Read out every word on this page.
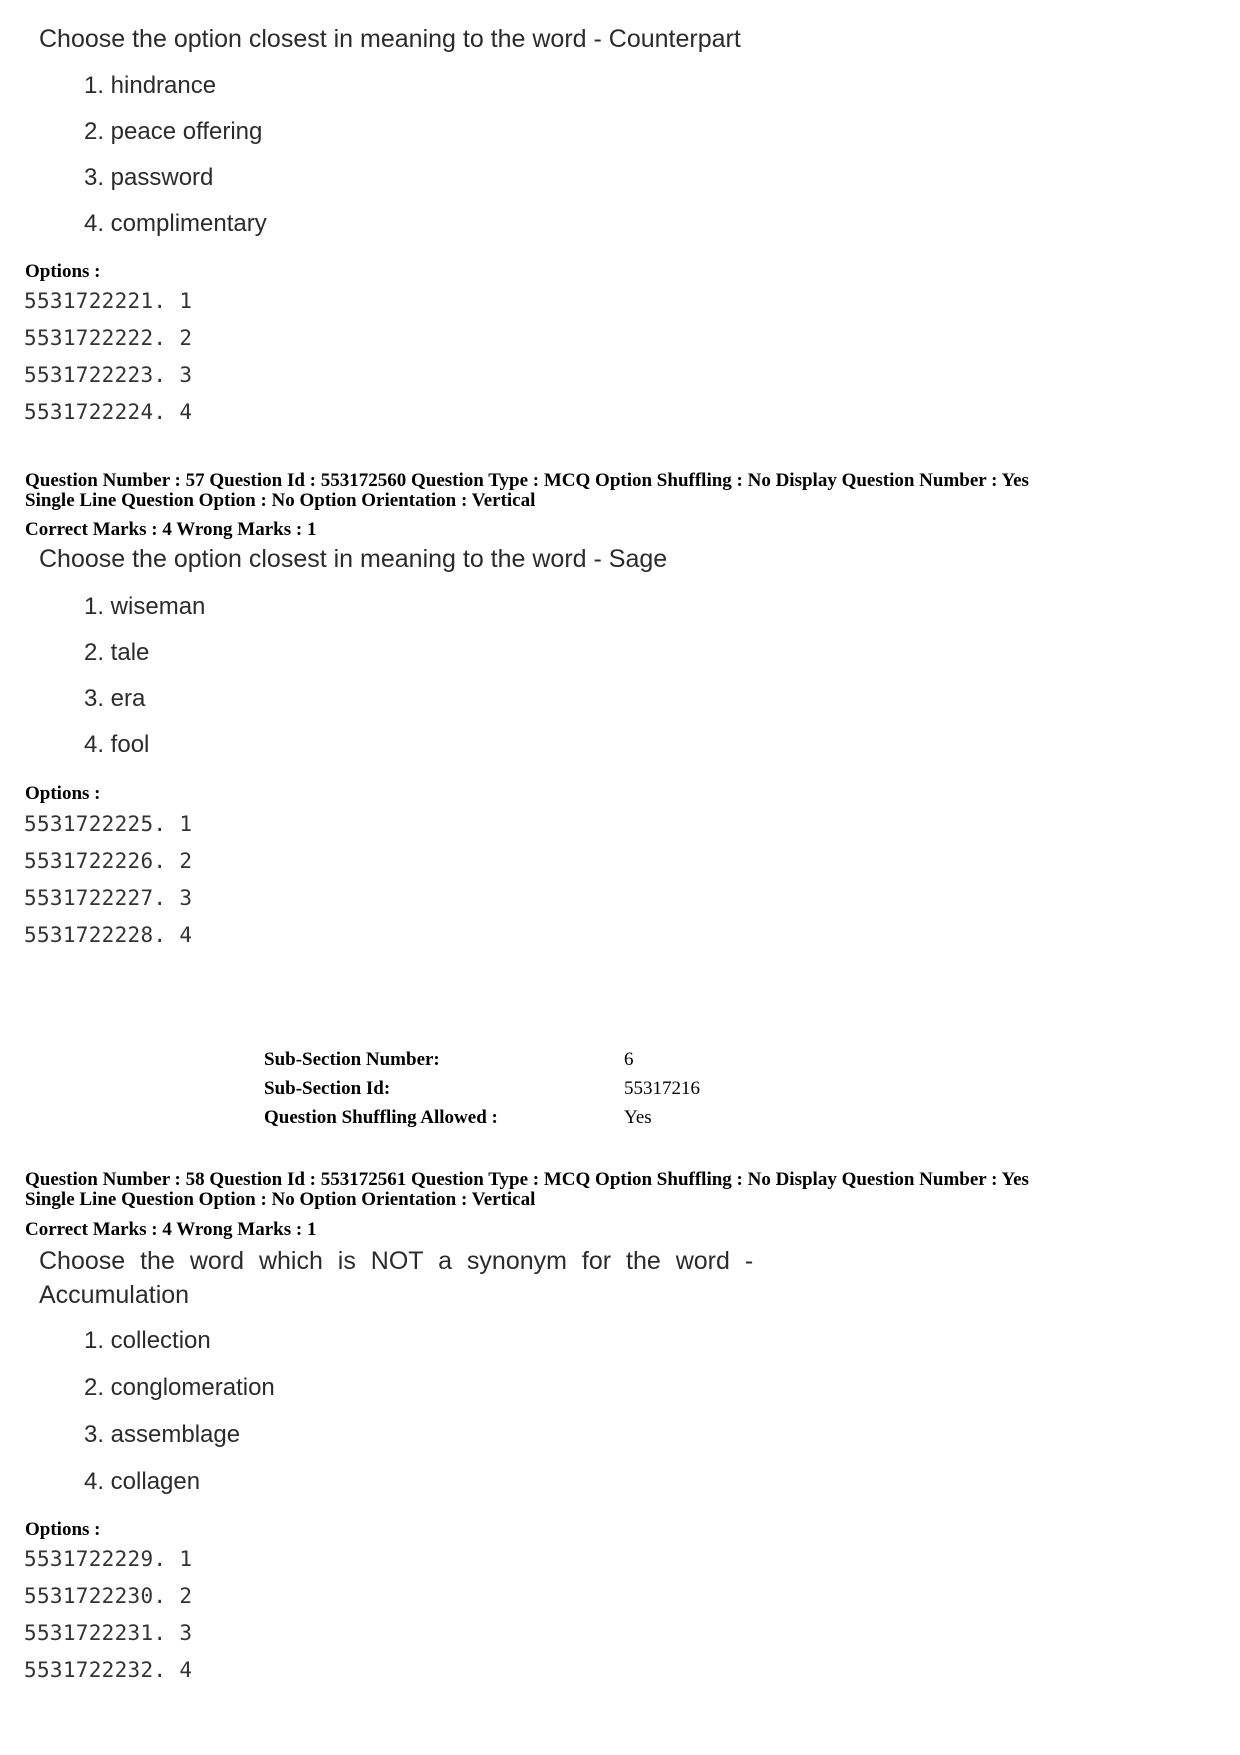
Choose the option closest in meaning to the word - Counterpart
1. hindrance
2. peace offering
3. password
4. complimentary
Options :
5531722221. 1
5531722222. 2
5531722223. 3
5531722224. 4
Question Number : 57 Question Id : 553172560 Question Type : MCQ Option Shuffling : No Display Question Number : Yes
Single Line Question Option : No Option Orientation : Vertical
Correct Marks : 4 Wrong Marks : 1
Choose the option closest in meaning to the word - Sage
1. wiseman
2. tale
3. era
4. fool
Options :
5531722225. 1
5531722226. 2
5531722227. 3
5531722228. 4
Sub-Section Number:	6
Sub-Section Id:	55317216
Question Shuffling Allowed :	Yes
Question Number : 58 Question Id : 553172561 Question Type : MCQ Option Shuffling : No Display Question Number : Yes
Single Line Question Option : No Option Orientation : Vertical
Correct Marks : 4 Wrong Marks : 1
Choose the word which is NOT a synonym for the word -
Accumulation
1. collection
2. conglomeration
3. assemblage
4. collagen
Options :
5531722229. 1
5531722230. 2
5531722231. 3
5531722232. 4
